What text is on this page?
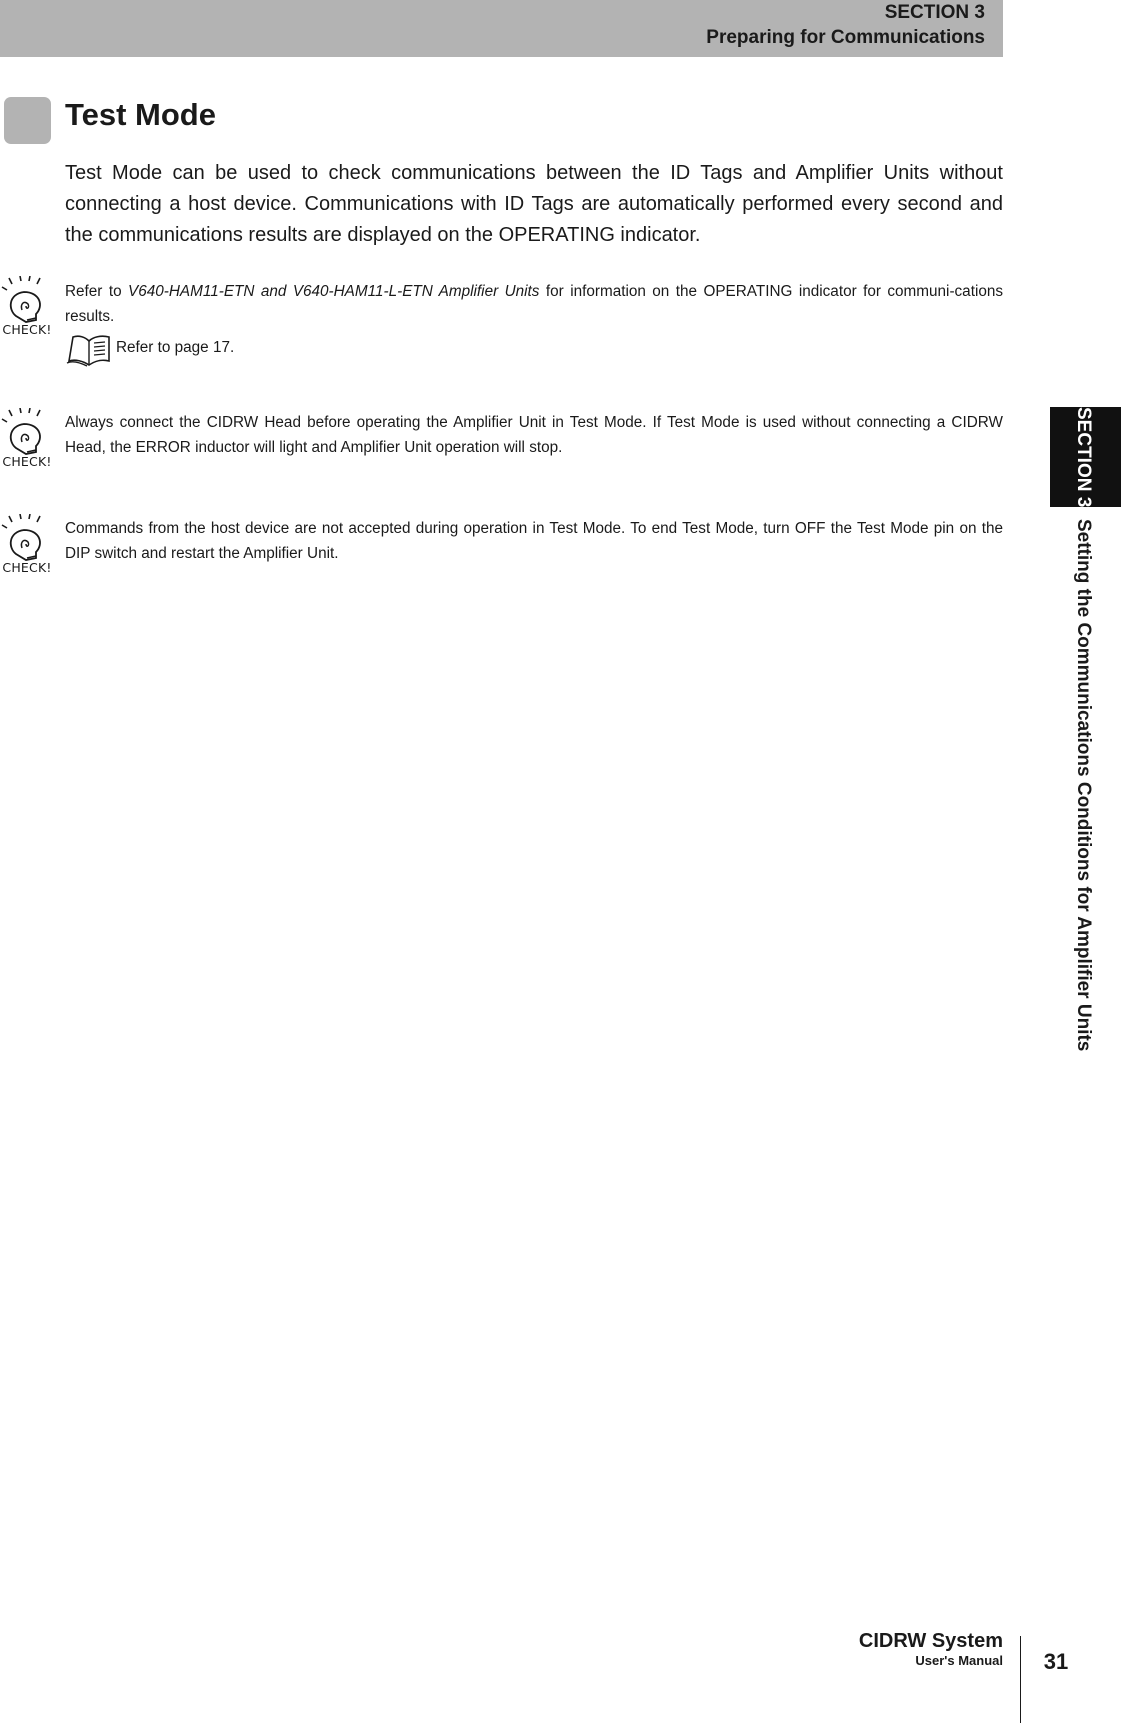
SECTION 3
Preparing for Communications
SECTION 3Setting the Communications Conditions for Amplifier Units
Test Mode

Test Mode can be used to check communications between the ID Tags and Amplifier Units without connecting a host device. Communications with ID Tags are automatically performed every second and the communications results are displayed on the OPERATING indicator.

CHECK!

Refer to V640-HAM11-ETN and V640-HAM11-L-ETN Amplifier Units for information on the OPERATING indicator for communi-cations results.

Refer to page 17.
CHECK!

Always connect the CIDRW Head before operating the Amplifier Unit in Test Mode. If Test Mode is used without connecting a CIDRW Head, the ERROR inductor will light and Amplifier Unit operation will stop.

CHECK!

Commands from the host device are not accepted during operation in Test Mode. To end Test Mode, turn OFF the Test Mode pin on the DIP switch and restart the Amplifier Unit.

CIDRW System
User's Manual	31
